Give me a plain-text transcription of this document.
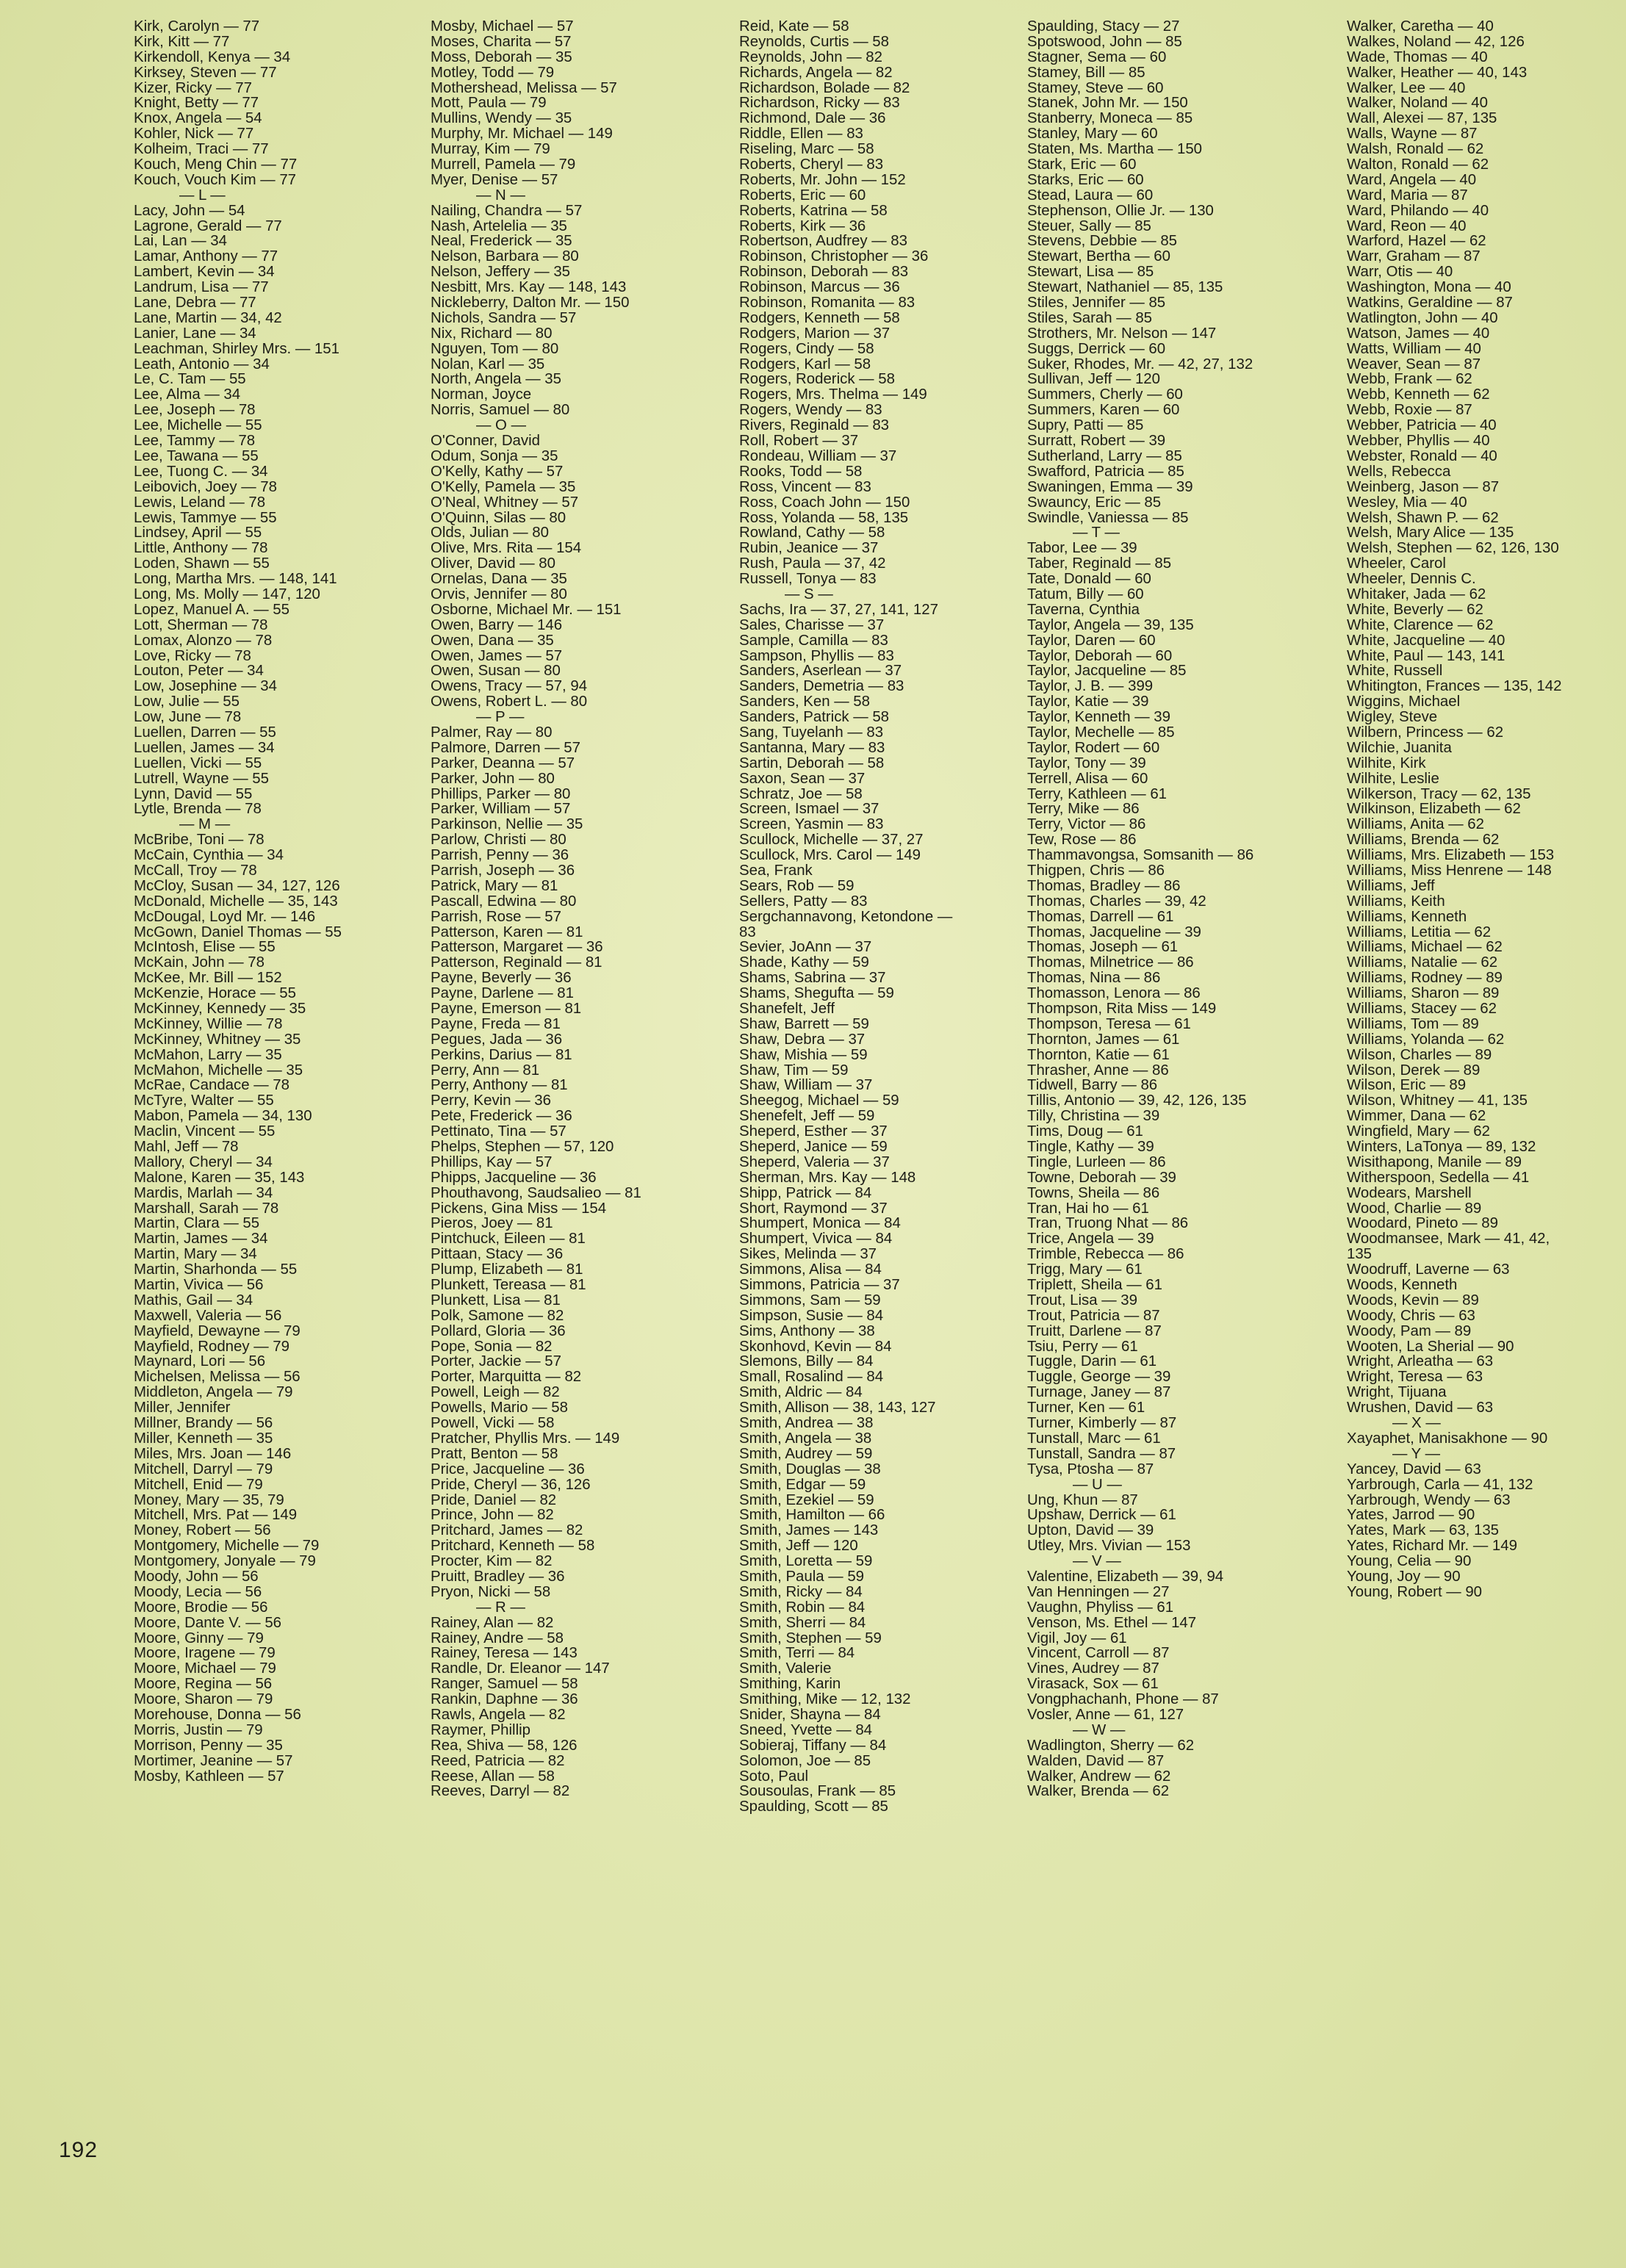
Kirk, Carolyn — 77
Kirk, Kitt — 77
Kirkendoll, Kenya — 34
Kirksey, Steven — 77
Kizer, Ricky — 77
Knight, Betty — 77
Knox, Angela — 54
Kohler, Nick — 77
Kolheim, Traci — 77
Kouch, Meng Chin — 77
Kouch, Vouch Kim — 77
— L —
Lacy, John — 54
Lagrone, Gerald — 77
Lai, Lan — 34
Lamar, Anthony — 77
Lambert, Kevin — 34
Landrum, Lisa — 77
Lane, Debra — 77
Lane, Martin — 34, 42
Lanier, Lane — 34
Leachman, Shirley Mrs. — 151
Leath, Antonio — 34
Le, C. Tam — 55
Lee, Alma — 34
Lee, Joseph — 78
Lee, Michelle — 55
Lee, Tammy — 78
Lee, Tawana — 55
Lee, Tuong C. — 34
Leibovich, Joey — 78
Lewis, Leland — 78
Lewis, Tammye — 55
Lindsey, April — 55
Little, Anthony — 78
Loden, Shawn — 55
Long, Martha Mrs. — 148, 141
Long, Ms. Molly — 147, 120
Lopez, Manuel A. — 55
Lott, Sherman — 78
Lomax, Alonzo — 78
Love, Ricky — 78
Louton, Peter — 34
Low, Josephine — 34
Low, Julie — 55
Low, June — 78
Luellen, Darren — 55
Luellen, James — 34
Luellen, Vicki — 55
Lutrell, Wayne — 55
Lynn, David — 55
Lytle, Brenda — 78
— M —
McBribe, Toni — 78
McCain, Cynthia — 34
McCall, Troy — 78
McCloy, Susan — 34, 127, 126
McDonald, Michelle — 35, 143
McDougal, Loyd Mr. — 146
McGown, Daniel Thomas — 55
McIntosh, Elise — 55
McKain, John — 78
McKee, Mr. Bill — 152
McKenzie, Horace — 55
McKinney, Kennedy — 35
McKinney, Willie — 78
McKinney, Whitney — 35
McMahon, Larry — 35
McMahon, Michelle — 35
McRae, Candace — 78
McTyre, Walter — 55
Mabon, Pamela — 34, 130
Maclin, Vincent — 55
Mahl, Jeff — 78
Mallory, Cheryl — 34
Malone, Karen — 35, 143
Mardis, Marlah — 34
Marshall, Sarah — 78
Martin, Clara — 55
Martin, James — 34
Martin, Mary — 34
Martin, Sharhonda — 55
Martin, Vivica — 56
Mathis, Gail — 34
Maxwell, Valeria — 56
Mayfield, Dewayne — 79
Mayfield, Rodney — 79
Maynard, Lori — 56
Michelsen, Melissa — 56
Middleton, Angela — 79
Miller, Jennifer
Millner, Brandy — 56
Miller, Kenneth — 35
Miles, Mrs. Joan — 146
Mitchell, Darryl — 79
Mitchell, Enid — 79
Money, Mary — 35, 79
Mitchell, Mrs. Pat — 149
Money, Robert — 56
Montgomery, Michelle — 79
Montgomery, Jonyale — 79
Moody, John — 56
Moody, Lecia — 56
Moore, Brodie — 56
Moore, Dante V. — 56
Moore, Ginny — 79
Moore, Iragene — 79
Moore, Michael — 79
Moore, Regina — 56
Moore, Sharon — 79
Morehouse, Donna — 56
Morris, Justin — 79
Morrison, Penny — 35
Mortimer, Jeanine — 57
Mosby, Kathleen — 57
Mosby, Michael — 57
Moses, Charita — 57
Moss, Deborah — 35
Motley, Todd — 79
Mothershead, Melissa — 57
Mott, Paula — 79
Mullins, Wendy — 35
Murphy, Mr. Michael — 149
Murray, Kim — 79
Murrell, Pamela — 79
Myer, Denise — 57
— N —
Nailing, Chandra — 57
Nash, Artelelia — 35
Neal, Frederick — 35
Nelson, Barbara — 80
Nelson, Jeffery — 35
Nesbitt, Mrs. Kay — 148, 143
Nickleberry, Dalton Mr. — 150
Nichols, Sandra — 57
Nix, Richard — 80
Nguyen, Tom — 80
Nolan, Karl — 35
North, Angela — 35
Norman, Joyce
Norris, Samuel — 80
— O —
O'Conner, David
Odum, Sonja — 35
O'Kelly, Kathy — 57
O'Kelly, Pamela — 35
O'Neal, Whitney — 57
O'Quinn, Silas — 80
Olds, Julian — 80
Olive, Mrs. Rita — 154
Oliver, David — 80
Ornelas, Dana — 35
Orvis, Jennifer — 80
Osborne, Michael Mr. — 151
Owen, Barry — 146
Owen, Dana — 35
Owen, James — 57
Owen, Susan — 80
Owens, Tracy — 57, 94
Owens, Robert L. — 80
— P —
Palmer, Ray — 80
Palmore, Darren — 57
Parker, Deanna — 57
Parker, John — 80
Phillips, Parker — 80
Parker, William — 57
Parkinson, Nellie — 35
Parlow, Christi — 80
Parrish, Penny — 36
Parrish, Joseph — 36
Patrick, Mary — 81
Pascall, Edwina — 80
Parrish, Rose — 57
Patterson, Karen — 81
Patterson, Margaret — 36
Patterson, Reginald — 81
Payne, Beverly — 36
Payne, Darlene — 81
Payne, Emerson — 81
Payne, Freda — 81
Pegues, Jada — 36
Perkins, Darius — 81
Perry, Ann — 81
Perry, Anthony — 81
Perry, Kevin — 36
Pete, Frederick — 36
Pettinato, Tina — 57
Phelps, Stephen — 57, 120
Phillips, Kay — 57
Phipps, Jacqueline — 36
Phouthavong, Saudsalieo — 81
Pickens, Gina Miss — 154
Pieros, Joey — 81
Pintchuck, Eileen — 81
Pittaan, Stacy — 36
Plump, Elizabeth — 81
Plunkett, Tereasa — 81
Plunkett, Lisa — 81
Polk, Samone — 82
Pollard, Gloria — 36
Pope, Sonia — 82
Porter, Jackie — 57
Porter, Marquitta — 82
Powell, Leigh — 82
Powells, Mario — 58
Powell, Vicki — 58
Pratcher, Phyllis Mrs. — 149
Pratt, Benton — 58
Price, Jacqueline — 36
Pride, Cheryl — 36, 126
Pride, Daniel — 82
Prince, John — 82
Pritchard, James — 82
Pritchard, Kenneth — 58
Procter, Kim — 82
Pruitt, Bradley — 36
Pryon, Nicki — 58
— R —
Rainey, Alan — 82
Rainey, Andre — 58
Rainey, Teresa — 143
Randle, Dr. Eleanor — 147
Ranger, Samuel — 58
Rankin, Daphne — 36
Rawls, Angela — 82
Raymer, Phillip
Rea, Shiva — 58, 126
Reed, Patricia — 82
Reese, Allan — 58
Reeves, Darryl — 82
Reid, Kate — 58
Reynolds, Curtis — 58
Reynolds, John — 82
Richards, Angela — 82
Richardson, Bolade — 82
Richardson, Ricky — 83
Richmond, Dale — 36
Riddle, Ellen — 83
Riseling, Marc — 58
Roberts, Cheryl — 83
Roberts, Mr. John — 152
Roberts, Eric — 60
Roberts, Katrina — 58
Roberts, Kirk — 36
Robertson, Audfrey — 83
Robinson, Christopher — 36
Robinson, Deborah — 83
Robinson, Marcus — 36
Robinson, Romanita — 83
Rodgers, Kenneth — 58
Rodgers, Marion — 37
Rogers, Cindy — 58
Rodgers, Karl — 58
Rogers, Roderick — 58
Rogers, Mrs. Thelma — 149
Rogers, Wendy — 83
Rivers, Reginald — 83
Roll, Robert — 37
Rondeau, William — 37
Rooks, Todd — 58
Ross, Vincent — 83
Ross, Coach John — 150
Ross, Yolanda — 58, 135
Rowland, Cathy — 58
Rubin, Jeanice — 37
Rush, Paula — 37, 42
Russell, Tonya — 83
— S —
Sachs, Ira — 37, 27, 141, 127
Sales, Charisse — 37
Sample, Camilla — 83
Sampson, Phyllis — 83
Sanders, Aserlean — 37
Sanders, Demetria — 83
Sanders, Ken — 58
Sanders, Patrick — 58
Sang, Tuyelanh — 83
Santanna, Mary — 83
Sartin, Deborah — 58
Saxon, Sean — 37
Schratz, Joe — 58
Screen, Ismael — 37
Screen, Yasmin — 83
Scullock, Michelle — 37, 27
Scullock, Mrs. Carol — 149
Sea, Frank
Sears, Rob — 59
Sellers, Patty — 83
Sergchannavong, Ketondone —
83
Sevier, JoAnn — 37
Shade, Kathy — 59
Shams, Sabrina — 37
Shams, Shegufta — 59
Shanefelt, Jeff
Shaw, Barrett — 59
Shaw, Debra — 37
Shaw, Mishia — 59
Shaw, Tim — 59
Shaw, William — 37
Sheegog, Michael — 59
Shenefelt, Jeff — 59
Sheperd, Esther — 37
Sheperd, Janice — 59
Sheperd, Valeria — 37
Sherman, Mrs. Kay — 148
Shipp, Patrick — 84
Short, Raymond — 37
Shumpert, Monica — 84
Shumpert, Vivica — 84
Sikes, Melinda — 37
Simmons, Alisa — 84
Simmons, Patricia — 37
Simmons, Sam — 59
Simpson, Susie — 84
Sims, Anthony — 38
Skonhovd, Kevin — 84
Slemons, Billy — 84
Small, Rosalind — 84
Smith, Aldric — 84
Smith, Allison — 38, 143, 127
Smith, Andrea — 38
Smith, Angela — 38
Smith, Audrey — 59
Smith, Douglas — 38
Smith, Edgar — 59
Smith, Ezekiel — 59
Smith, Hamilton — 66
Smith, James — 143
Smith, Jeff — 120
Smith, Loretta — 59
Smith, Paula — 59
Smith, Ricky — 84
Smith, Robin — 84
Smith, Sherri — 84
Smith, Stephen — 59
Smith, Terri — 84
Smith, Valerie
Smithing, Karin
Smithing, Mike — 12, 132
Snider, Shayna — 84
Sneed, Yvette — 84
Sobieraj, Tiffany — 84
Solomon, Joe — 85
Soto, Paul
Sousoulas, Frank — 85
Spaulding, Scott — 85
Spaulding, Stacy — 27
Spotswood, John — 85
Stagner, Sema — 60
Stamey, Bill — 85
Stamey, Steve — 60
Stanek, John Mr. — 150
Stanberry, Moneca — 85
Stanley, Mary — 60
Staten, Ms. Martha — 150
Stark, Eric — 60
Starks, Eric — 60
Stead, Laura — 60
Stephenson, Ollie Jr. — 130
Steuer, Sally — 85
Stevens, Debbie — 85
Stewart, Bertha — 60
Stewart, Lisa — 85
Stewart, Nathaniel — 85, 135
Stiles, Jennifer — 85
Stiles, Sarah — 85
Strothers, Mr. Nelson — 147
Suggs, Derrick — 60
Suker, Rhodes, Mr. — 42, 27, 132
Sullivan, Jeff — 120
Summers, Cherly — 60
Summers, Karen — 60
Supry, Patti — 85
Surratt, Robert — 39
Sutherland, Larry — 85
Swafford, Patricia — 85
Swaningen, Emma — 39
Swauncy, Eric — 85
Swindle, Vaniessa — 85
— T —
Tabor, Lee — 39
Taber, Reginald — 85
Tate, Donald — 60
Tatum, Billy — 60
Taverna, Cynthia
Taylor, Angela — 39, 135
Taylor, Daren — 60
Taylor, Deborah — 60
Taylor, Jacqueline — 85
Taylor, J. B. — 399
Taylor, Katie — 39
Taylor, Kenneth — 39
Taylor, Mechelle — 85
Taylor, Rodert — 60
Taylor, Tony — 39
Terrell, Alisa — 60
Terry, Kathleen — 61
Terry, Mike — 86
Terry, Victor — 86
Tew, Rose — 86
Thammavongsa, Somsanith — 86
Thigpen, Chris — 86
Thomas, Bradley — 86
Thomas, Charles — 39, 42
Thomas, Darrell — 61
Thomas, Jacqueline — 39
Thomas, Joseph — 61
Thomas, Milnetrice — 86
Thomas, Nina — 86
Thomasson, Lenora — 86
Thompson, Rita Miss — 149
Thompson, Teresa — 61
Thornton, James — 61
Thornton, Katie — 61
Thrasher, Anne — 86
Tidwell, Barry — 86
Tillis, Antonio — 39, 42, 126, 135
Tilly, Christina — 39
Tims, Doug — 61
Tingle, Kathy — 39
Tingle, Lurleen — 86
Towne, Deborah — 39
Towns, Sheila — 86
Tran, Hai ho — 61
Tran, Truong Nhat — 86
Trice, Angela — 39
Trimble, Rebecca — 86
Trigg, Mary — 61
Triplett, Sheila — 61
Trout, Lisa — 39
Trout, Patricia — 87
Truitt, Darlene — 87
Tsiu, Perry — 61
Tuggle, Darin — 61
Tuggle, George — 39
Turnage, Janey — 87
Turner, Ken — 61
Turner, Kimberly — 87
Tunstall, Marc — 61
Tunstall, Sandra — 87
Tysa, Ptosha — 87
— U —
Ung, Khun — 87
Upshaw, Derrick — 61
Upton, David — 39
Utley, Mrs. Vivian — 153
— V —
Valentine, Elizabeth — 39, 94
Van Henningen — 27
Vaughn, Phyliss — 61
Venson, Ms. Ethel — 147
Vigil, Joy — 61
Vincent, Carroll — 87
Vines, Audrey — 87
Virasack, Sox — 61
Vongphachanh, Phone — 87
Vosler, Anne — 61, 127
— W —
Wadlington, Sherry — 62
Walden, David — 87
Walker, Andrew — 62
Walker, Brenda — 62
Walker, Caretha — 40
Walkes, Noland — 42, 126
Wade, Thomas — 40
Walker, Heather — 40, 143
Walker, Lee — 40
Walker, Noland — 40
Wall, Alexei — 87, 135
Walls, Wayne — 87
Walsh, Ronald — 62
Walton, Ronald — 62
Ward, Angela — 40
Ward, Maria — 87
Ward, Philando — 40
Ward, Reon — 40
Warford, Hazel — 62
Warr, Graham — 87
Warr, Otis — 40
Washington, Mona — 40
Watkins, Geraldine — 87
Watlington, John — 40
Watson, James — 40
Watts, William — 40
Weaver, Sean — 87
Webb, Frank — 62
Webb, Kenneth — 62
Webb, Roxie — 87
Webber, Patricia — 40
Webber, Phyllis — 40
Webster, Ronald — 40
Wells, Rebecca
Weinberg, Jason — 87
Wesley, Mia — 40
Welsh, Shawn P. — 62
Welsh, Mary Alice — 135
Welsh, Stephen — 62, 126, 130
Wheeler, Carol
Wheeler, Dennis C.
Whitaker, Jada — 62
White, Beverly — 62
White, Clarence — 62
White, Jacqueline — 40
White, Paul — 143, 141
White, Russell
Whitington, Frances — 135, 142
Wiggins, Michael
Wigley, Steve
Wilbern, Princess — 62
Wilchie, Juanita
Wilhite, Kirk
Wilhite, Leslie
Wilkerson, Tracy — 62, 135
Wilkinson, Elizabeth — 62
Williams, Anita — 62
Williams, Brenda — 62
Williams, Mrs. Elizabeth — 153
Williams, Miss Henrene — 148
Williams, Jeff
Williams, Keith
Williams, Kenneth
Williams, Letitia — 62
Williams, Michael — 62
Williams, Natalie — 62
Williams, Rodney — 89
Williams, Sharon — 89
Williams, Stacey — 62
Williams, Tom — 89
Williams, Yolanda — 62
Wilson, Charles — 89
Wilson, Derek — 89
Wilson, Eric — 89
Wilson, Whitney — 41, 135
Wimmer, Dana — 62
Wingfield, Mary — 62
Winters, LaTonya — 89, 132
Wisithapong, Manile — 89
Witherspoon, Sedella — 41
Wodears, Marshell
Wood, Charlie — 89
Woodard, Pineto — 89
Woodmansee, Mark — 41, 42,
135
Woodruff, Laverne — 63
Woods, Kenneth
Woods, Kevin — 89
Woody, Chris — 63
Woody, Pam — 89
Wooten, La Sherial — 90
Wright, Arleatha — 63
Wright, Teresa — 63
Wright, Tijuana
Wrushen, David — 63
— X —
Xayaphet, Manisakhone — 90
— Y —
Yancey, David — 63
Yarbrough, Carla — 41, 132
Yarbrough, Wendy — 63
Yates, Jarrod — 90
Yates, Mark — 63, 135
Yates, Richard Mr. — 149
Young, Celia — 90
Young, Joy — 90
Young, Robert — 90
192
